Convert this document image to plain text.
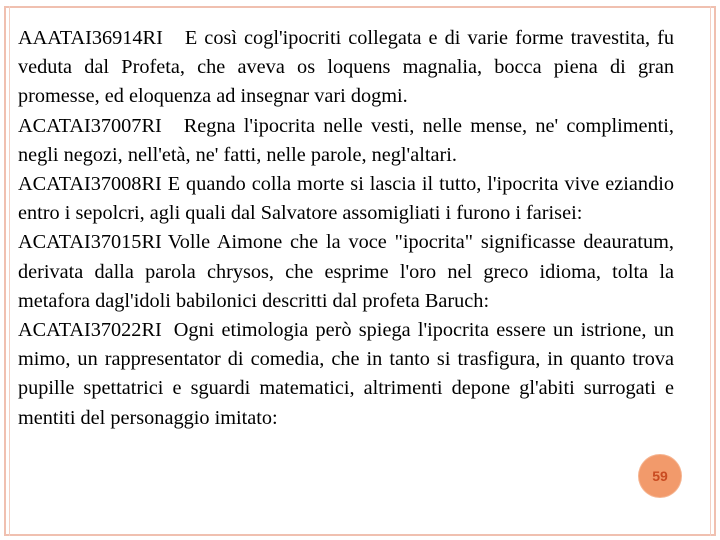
AAATAI36914RI E così cogl'ipocriti collegata e di varie forme travestita, fu veduta dal Profeta, che aveva os loquens magnalia, bocca piena di gran promesse, ed eloquenza ad insegnar vari dogmi.
ACATAI37007RI Regna l'ipocrita nelle vesti, nelle mense, ne' complimenti, negli negozi, nell'età, ne' fatti, nelle parole, negl'altari.
ACATAI37008RI E quando colla morte si lascia il tutto, l'ipocrita vive eziandio entro i sepolcri, agli quali dal Salvatore assomigliati i furono i farisei:
ACATAI37015RI Volle Aimone che la voce "ipocrita" significasse deauratum, derivata dalla parola chrysos, che esprime l'oro nel greco idioma, tolta la metafora dagl'idoli babilonici descritti dal profeta Baruch:
ACATAI37022RI Ogni etimologia però spiega l'ipocrita essere un istrione, un mimo, un rappresentator di comedia, che in tanto si trasfigura, in quanto trova pupille spettatrici e sguardi matematici, altrimenti depone gl'abiti surrogati e mentiti del personaggio imitato:
59
